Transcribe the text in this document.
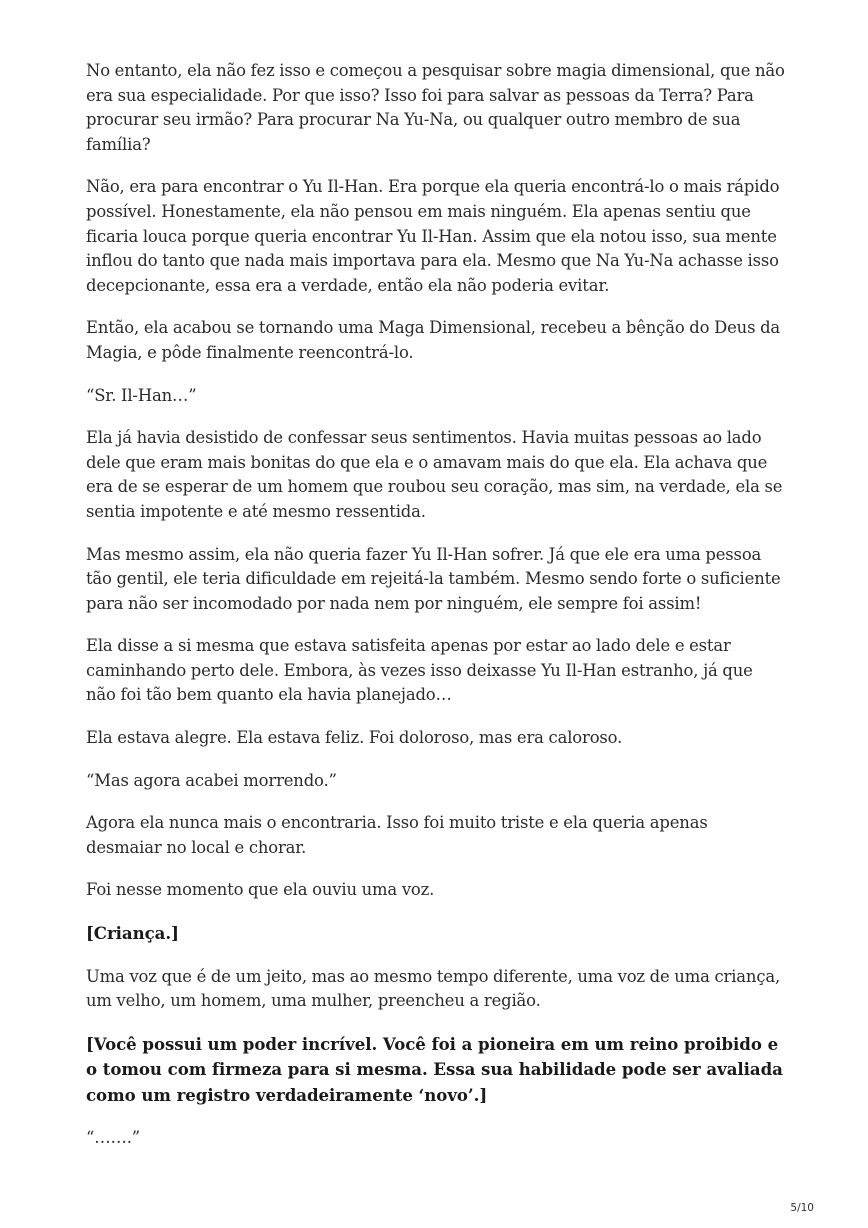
No entanto, ela não fez isso e começou a pesquisar sobre magia dimensional, que não era sua especialidade. Por que isso? Isso foi para salvar as pessoas da Terra? Para procurar seu irmão? Para procurar Na Yu-Na, ou qualquer outro membro de sua família?

Não, era para encontrar o Yu Il-Han. Era porque ela queria encontrá-lo o mais rápido possível. Honestamente, ela não pensou em mais ninguém. Ela apenas sentiu que ficaria louca porque queria encontrar Yu Il-Han. Assim que ela notou isso, sua mente inflou do tanto que nada mais importava para ela. Mesmo que Na Yu-Na achasse isso decepcionante, essa era a verdade, então ela não poderia evitar.

Então, ela acabou se tornando uma Maga Dimensional, recebeu a bênção do Deus da Magia, e pôde finalmente reencontrá-lo.

“Sr. Il-Han…”

Ela já havia desistido de confessar seus sentimentos. Havia muitas pessoas ao lado dele que eram mais bonitas do que ela e o amavam mais do que ela. Ela achava que era de se esperar de um homem que roubou seu coração, mas sim, na verdade, ela se sentia impotente e até mesmo ressentida.

Mas mesmo assim, ela não queria fazer Yu Il-Han sofrer. Já que ele era uma pessoa tão gentil, ele teria dificuldade em rejeitá-la também. Mesmo sendo forte o suficiente para não ser incomodado por nada nem por ninguém, ele sempre foi assim!

Ela disse a si mesma que estava satisfeita apenas por estar ao lado dele e estar caminhando perto dele. Embora, às vezes isso deixasse Yu Il-Han estranho, já que não foi tão bem quanto ela havia planejado…

Ela estava alegre. Ela estava feliz. Foi doloroso, mas era caloroso.

“Mas agora acabei morrendo.”

Agora ela nunca mais o encontraria. Isso foi muito triste e ela queria apenas desmaiar no local e chorar.

Foi nesse momento que ela ouviu uma voz.

[Criança.]

Uma voz que é de um jeito, mas ao mesmo tempo diferente, uma voz de uma criança, um velho, um homem, uma mulher, preencheu a região.

[Você possui um poder incrível. Você foi a pioneira em um reino proibido e o tomou com firmeza para si mesma. Essa sua habilidade pode ser avaliada como um registro verdadeiramente ‘novo’.]

“…….”

5/10
